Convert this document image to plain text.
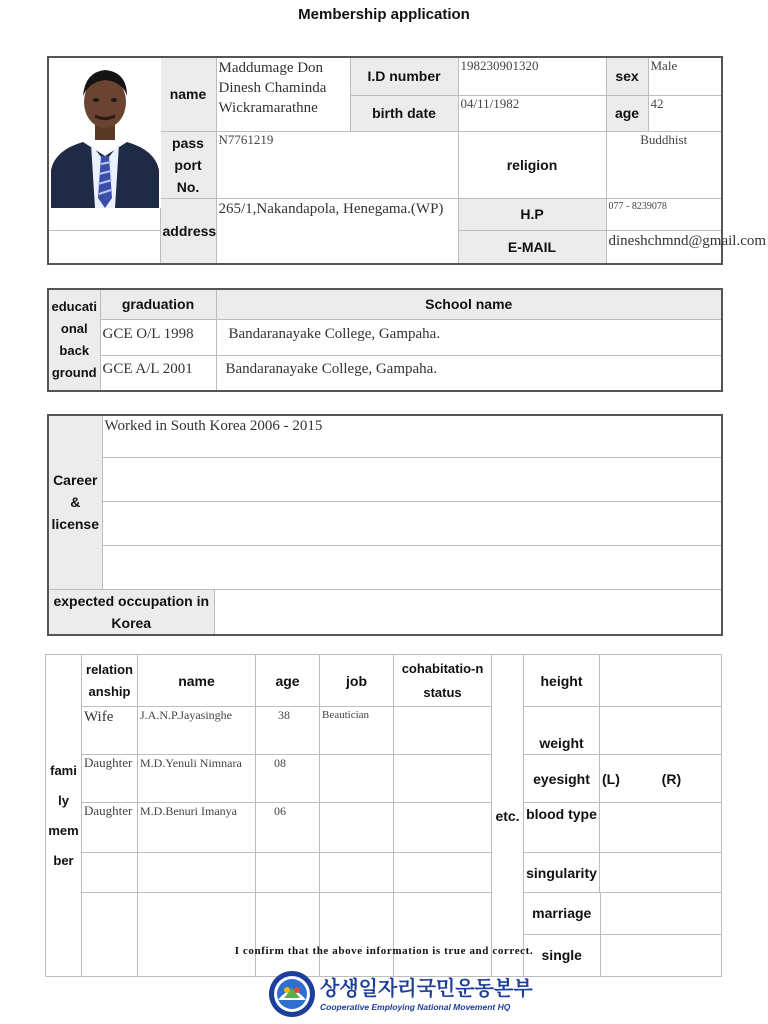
Membership application
	name	Maddumage Don Dinesh Chaminda Wickramarathne	I.D number	198230901320	sex	Male
			birth date	04/11/1982	age	42
	pass port No.	N7761219		religion	Buddhist	
	address	265/1,Nakandapola, Henegama.(WP)		H.P	077 - 8239078	
				E-MAIL	dineshchmnd@gmail.com	
educati onal back ground	graduation	School name
	GCE O/L 1998	Bandaranayake College, Gampaha.
	GCE A/L 2001	Bandaranayake College, Gampaha.
Career & license	Worked in South Korea 2006 - 2015	

expected occupation in Korea		
fami ly mem ber	relation anship	name	age	job	cohabitatio-n status	etc.	height	
Wife	J.A.N.P.Jayasinghe	38	Beautician		weight	
Daughter	M.D.Yenuli Nimnara	08			eyesight	(L)	(R)
Daughter	M.D.Benuri Imanya	06			blood type	
					singularity	

marriage	
single	
I confirm that the above information is true and correct.
상생일자리국민운동본부
Cooperative Employing National Movement HQ
